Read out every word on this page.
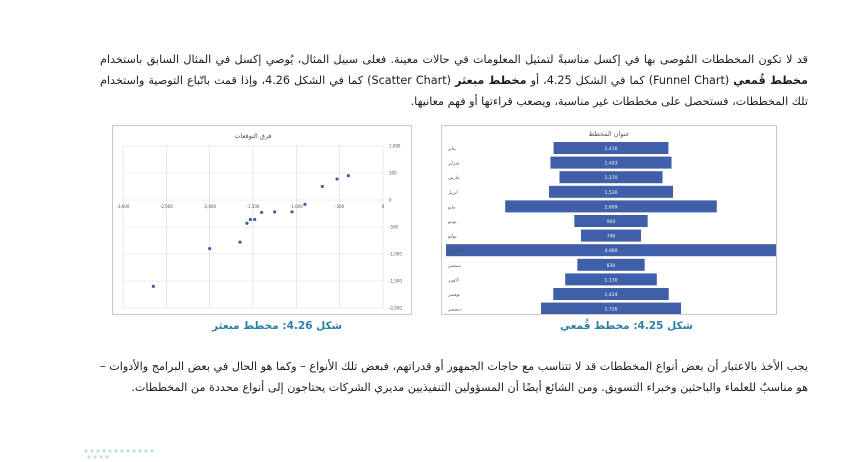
قد لا تكون المخططات المُوصى بها في إكسل مناسبةً لتمثيل المعلومات في حالات معينة. فعلى سبيل المثال، يُوصي إكسل في المثال السابق باستخدام مخطط قُمعي (Funnel Chart) كما في الشكل 4.25، أو مخطط مبعثر (Scatter Chart) كما في الشكل 4.26، وإذا قمت باتّباع التوصية واستخدام تلك المخططات، فستحصل على مخططات غير مناسبة، ويصعب قراءتها أو فهم معانيها.

عنوان المخطط
1,416
يناير
1,493
فبراير
1,270
مارس
1,530
أبريل
2,609
مايو
904
يونيو
740
يوليو
4,069
أغسطس
830
سبتمبر
1,130
أكتوبر
1,424
نوفمبر
1,726
ديسمبر
فرق التوقعات
-3,000	-2,500	-2,000	-1,500	-1,000	-500	0
1,000
500
0
-500
-1,000
-1,500
-2,000
شكل 4.25: مخطط قُمعي
شكل 4.26: مخطط مبعثر

يجب الأخذ بالاعتبار أن بعض أنواع المخططات قد لا تتناسب مع حاجات الجمهور أو قدراتهم، فبعض تلك الأنواع – وكما هو الحال في بعض البرامج والأدوات – هو مناسبٌ للعلماء والباحثين وخبراء التسويق. ومن الشائع أيضًا أن المسؤولين التنفيذيين مديري الشركات يحتاجون إلى أنواع محددة من المخططات.
